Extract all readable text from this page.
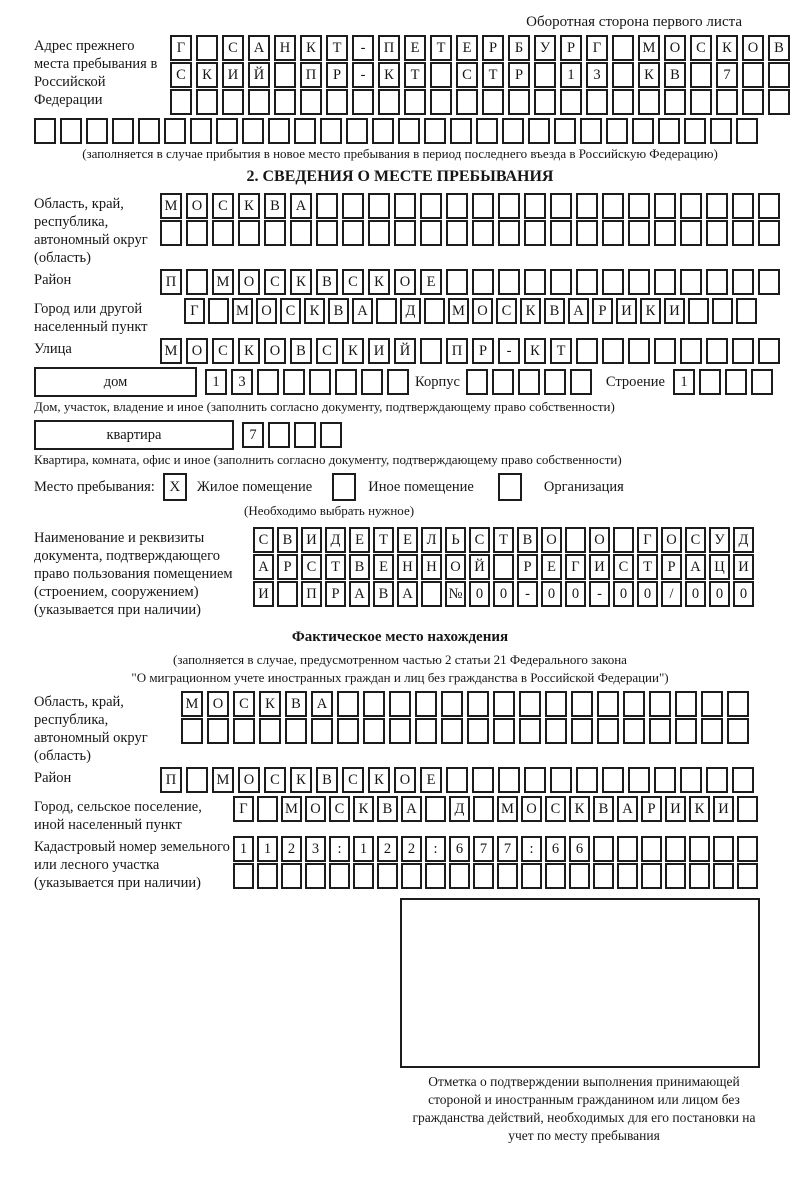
Оборотная сторона первого листа
Адрес прежнего места пребывания в Российской Федерации
Г	С	А	Н	К	Т	-	П	Е	Т	Е	Р	Б	У	Р	Г	М О	С	К	О	В
С	К	И	Й	П	Р	-	К	Т	С	Т	Р	1	3	К	В	7
(заполняется в случае прибытия в новое место пребывания в период последнего въезда в Российскую Федерацию)
2. СВЕДЕНИЯ О МЕСТЕ ПРЕБЫВАНИЯ
Область, край, республика, автономный округ (область)
М О	С	К	В	А
Район	П	М О	С	К	В	С	К	О	Е
Город или другой населенный пункт
Г	М О С К В А	Д	М О С К В А	Р	И К И
Улица	М О	С	К	О	В	С	К	И	Й	П	Р	-	К	Т
дом	1	3	Корпус	Строение	1
Дом, участок, владение и иное (заполнить согласно документу, подтверждающему право собственности)
квартира	7
Квартира, комната, офис и иное (заполнить согласно документу, подтверждающему право собственности)
Место пребывания: X	Жилое помещение	Иное помещение	Организация
(Необходимо выбрать нужное)
Наименование и реквизиты документа, подтверждающего право пользования помещением (строением, сооружением) (указывается при наличии)
С В И Д	Е	Т	Е	Л	Ь	С	Т	В О	О	Г	О С У Д
А	Р	С	Т	В	Е Н Н О Й	Р	Е	Г	И С	Т	Р	А Ц И
И	П	Р	А В А	№ 0	0	-	0	0	-	0	0	/	0	0	0
Фактическое место нахождения
(заполняется в случае, предусмотренном частью 2 статьи 21 Федерального закона
"О миграционном учете иностранных граждан и лиц без гражданства в Российской Федерации")
Область, край, республика, автономный округ (область)
М О	С	К	В	А
Район	П	М О	С	К	В	С	К	О	Е
Город, сельское поселение, иной населенный пункт
Г	М О С К В А	Д	М О С К В А	Р	И К И
Кадастровый номер земельного или лесного участка (указывается при наличии)
1	1	2	3	:	1	2	2	:	6	7	7	:	6	6
Отметка о подтверждении выполнения принимающей стороной и иностранным гражданином или лицом без гражданства действий, необходимых для его постановки на учет по месту пребывания
